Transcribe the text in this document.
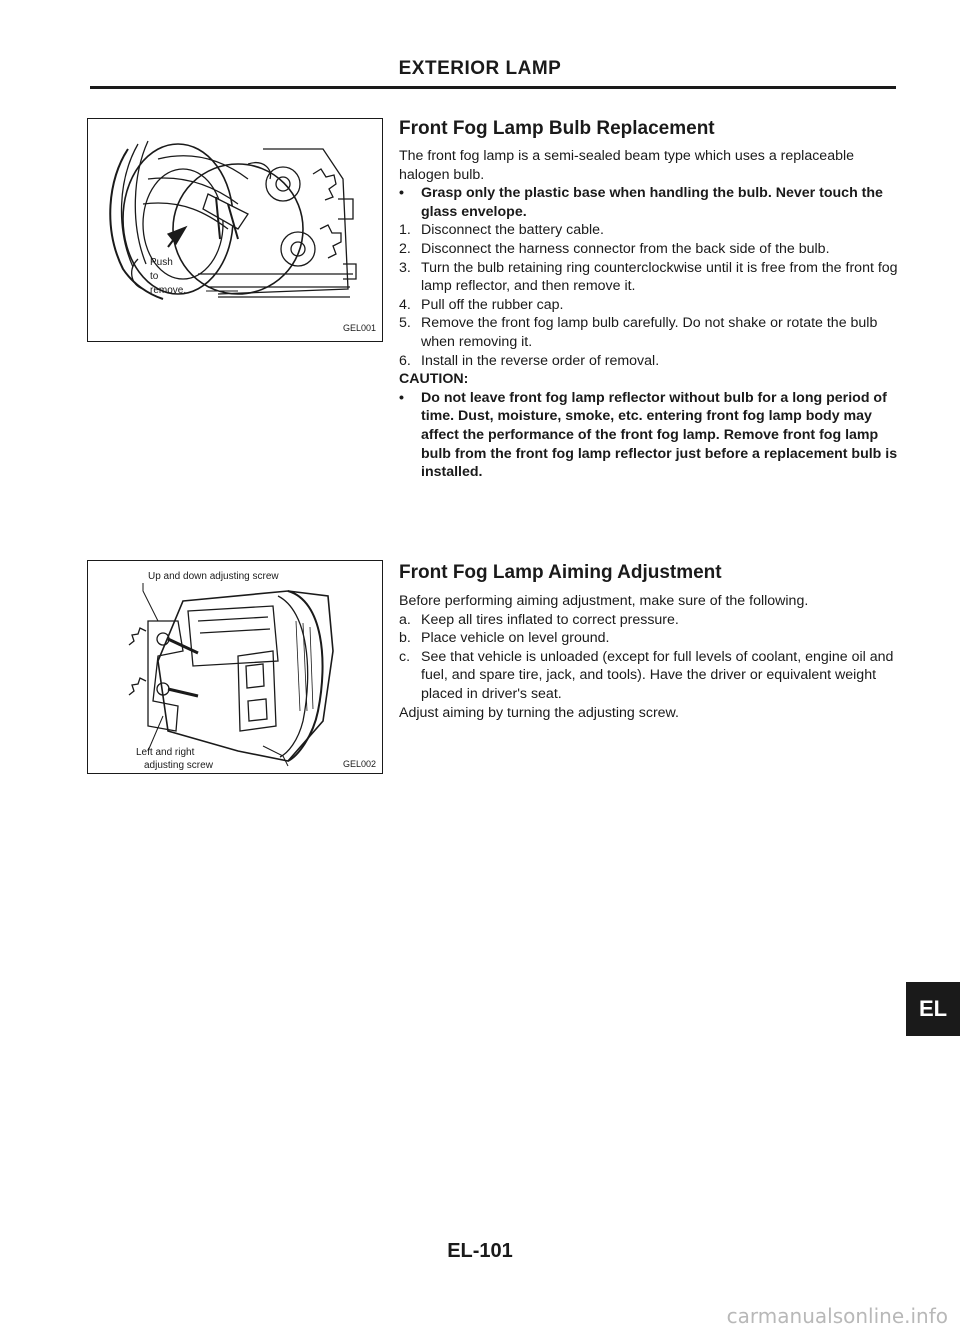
EXTERIOR LAMP
Push
to
remove.
GEL001
Up and down adjusting screw
Left and right
adjusting screw	GEL002
Front Fog Lamp Bulb Replacement

The front fog lamp is a semi-sealed beam type which uses a replaceable halogen bulb.

•	Grasp only the plastic base when handling the bulb. Never touch the glass envelope.
1. Disconnect the battery cable.
2. Disconnect the harness connector from the back side of the bulb.
3. Turn the bulb retaining ring counterclockwise until it is free from the front fog lamp reflector, and then remove it.
4. Pull off the rubber cap.
5. Remove the front fog lamp bulb carefully. Do not shake or rotate the bulb when removing it.
6. Install in the reverse order of removal.

CAUTION:

•	Do not leave front fog lamp reflector without bulb for a long period of time. Dust, moisture, smoke, etc. entering front fog lamp body may affect the performance of the front fog lamp. Remove front fog lamp bulb from the front fog lamp reflector just before a replacement bulb is installed.
Front Fog Lamp Aiming Adjustment

Before performing aiming adjustment, make sure of the following.

a. Keep all tires inflated to correct pressure.
b. Place vehicle on level ground.
c. See that vehicle is unloaded (except for full levels of coolant, engine oil and fuel, and spare tire, jack, and tools). Have the driver or equivalent weight placed in driver's seat.

Adjust aiming by turning the adjusting screw.

EL-101
EL
carmanualsonline.info
